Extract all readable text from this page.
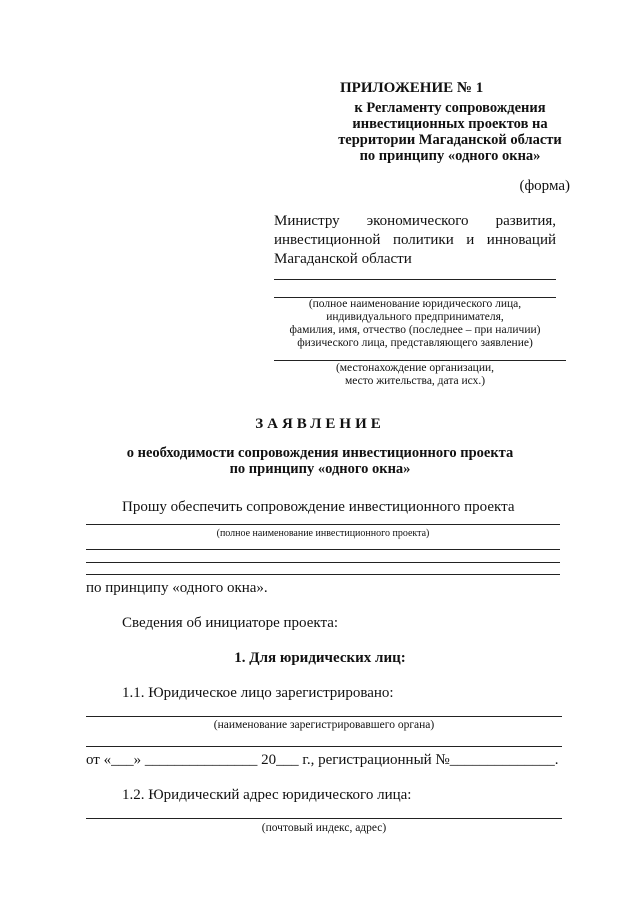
ПРИЛОЖЕНИЕ № 1
к Регламенту сопровождения
инвестиционных проектов на
территории Магаданской области
по принципу «одного окна»
(форма)
Министру экономического развития,
инвестиционной политики и инноваций
Магаданской области
(полное наименование юридического лица,
индивидуального предпринимателя,
фамилия, имя, отчество (последнее – при наличии)
физического лица, представляющего заявление)
(местонахождение организации,
место жительства, дата исх.)
ЗАЯВЛЕНИЕ
о необходимости сопровождения инвестиционного проекта
по принципу «одного окна»
Прошу обеспечить сопровождение инвестиционного проекта
(полное наименование инвестиционного проекта)
по принципу «одного окна».
Сведения об инициаторе проекта:
1. Для юридических лиц:
1.1. Юридическое лицо зарегистрировано:
(наименование зарегистрировавшего органа)
от «___» _______________ 20___ г., регистрационный №______________.
1.2. Юридический адрес юридического лица:
(почтовый индекс, адрес)
